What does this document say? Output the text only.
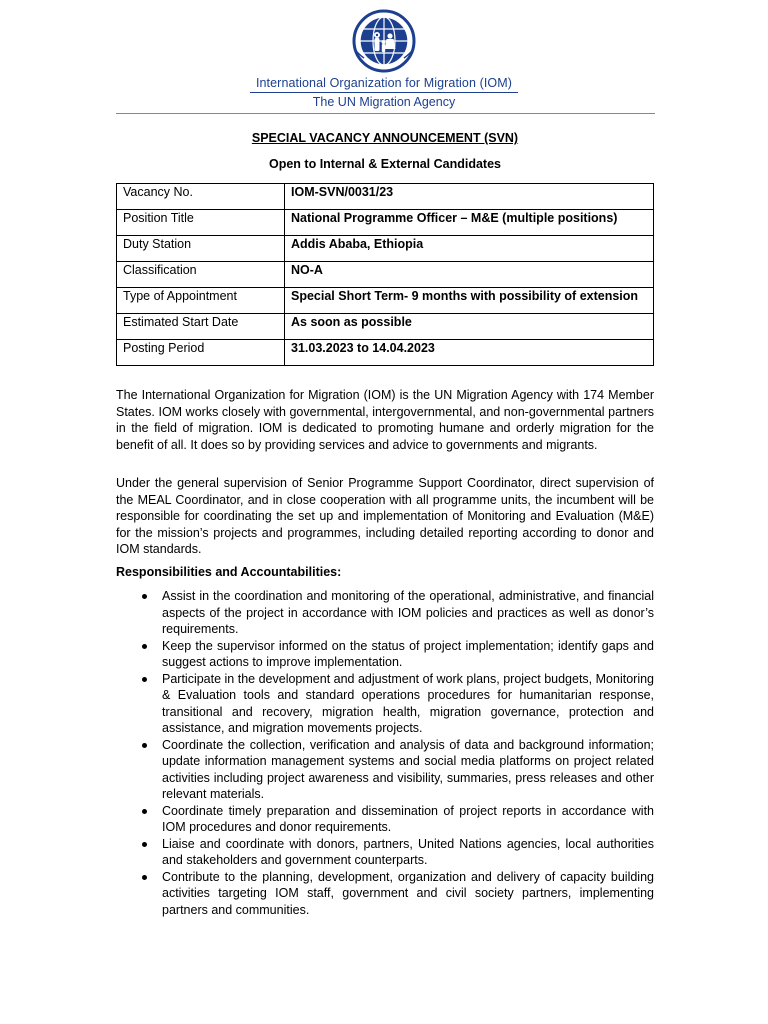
International Organization for Migration (IOM)
The UN Migration Agency
SPECIAL VACANCY ANNOUNCEMENT (SVN)
Open to Internal & External Candidates
Vacancy No.	IOM-SVN/0031/23
Position Title	National Programme Officer – M&E (multiple positions)
Duty Station	Addis Ababa, Ethiopia
Classification	NO-A
Type of Appointment	Special Short Term- 9 months with possibility of extension
Estimated Start Date	As soon as possible
Posting Period	31.03.2023 to 14.04.2023

The International Organization for Migration (IOM) is the UN Migration Agency with 174 Member States. IOM works closely with governmental, intergovernmental, and non-governmental partners in the field of migration. IOM is dedicated to promoting humane and orderly migration for the benefit of all. It does so by providing services and advice to governments and migrants.

Under the general supervision of Senior Programme Support Coordinator, direct supervision of the MEAL Coordinator, and in close cooperation with all programme units, the incumbent will be responsible for coordinating the set up and implementation of Monitoring and Evaluation (M&E) for the mission’s projects and programmes, including detailed reporting according to donor and IOM standards.

Responsibilities and Accountabilities:
Assist in the coordination and monitoring of the operational, administrative, and financial aspects of the project in accordance with IOM policies and practices as well as donor’s requirements.
Keep the supervisor informed on the status of project implementation; identify gaps and suggest actions to improve implementation.
Participate in the development and adjustment of work plans, project budgets, Monitoring & Evaluation tools and standard operations procedures for humanitarian response, transitional and recovery, migration health, migration governance, protection and assistance, and migration movements projects.
Coordinate the collection, verification and analysis of data and background information; update information management systems and social media platforms on project related activities including project awareness and visibility, summaries, press releases and other relevant materials.
Coordinate timely preparation and dissemination of project reports in accordance with IOM procedures and donor requirements.
Liaise and coordinate with donors, partners, United Nations agencies, local authorities and stakeholders and government counterparts.
Contribute to the planning, development, organization and delivery of capacity building activities targeting IOM staff, government and civil society partners, implementing partners and communities.
